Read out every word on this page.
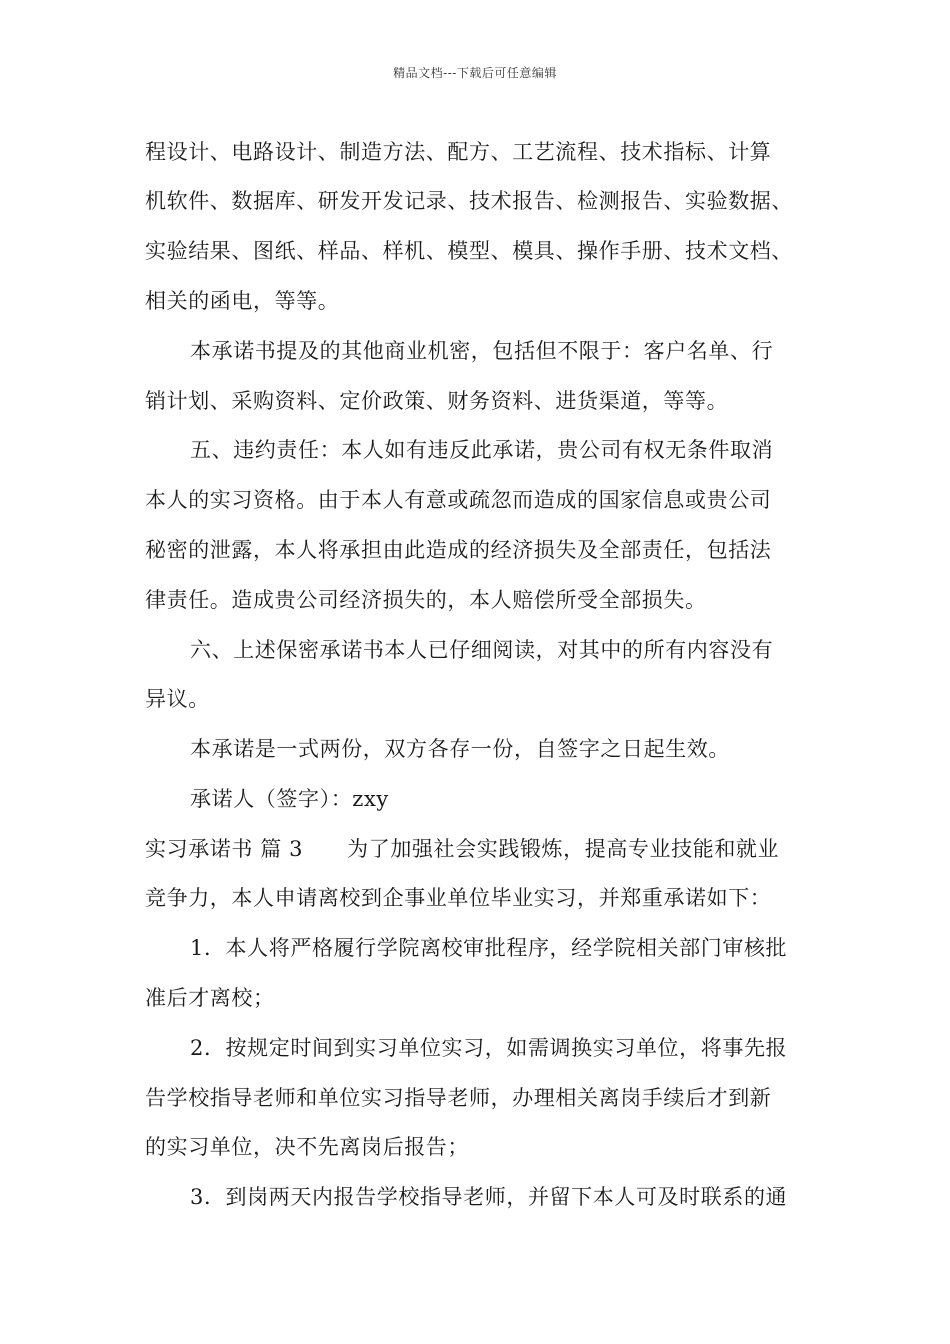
精品文档---下载后可任意编辑
程设计、电路设计、制造方法、配方、工艺流程、技术指标、计算
机软件、数据库、研发开发记录、技术报告、检测报告、实验数据、
实验结果、图纸、样品、样机、模型、模具、操作手册、技术文档、
相关的函电，等等。
本承诺书提及的其他商业机密，包括但不限于：客户名单、行
销计划、采购资料、定价政策、财务资料、进货渠道，等等。
五、违约责任：本人如有违反此承诺，贵公司有权无条件取消
本人的实习资格。由于本人有意或疏忽而造成的国家信息或贵公司
秘密的泄露，本人将承担由此造成的经济损失及全部责任，包括法
律责任。造成贵公司经济损失的，本人赔偿所受全部损失。
六、上述保密承诺书本人已仔细阅读，对其中的所有内容没有
异议。
本承诺是一式两份，双方各存一份，自签字之日起生效。
承诺人（签字）：zxy
实习承诺书 篇 3 为了加强社会实践锻炼，提高专业技能和就业
竞争力，本人申请离校到企事业单位毕业实习，并郑重承诺如下：
1．本人将严格履行学院离校审批程序，经学院相关部门审核批
准后才离校；
2．按规定时间到实习单位实习，如需调换实习单位，将事先报
告学校指导老师和单位实习指导老师，办理相关离岗手续后才到新
的实习单位，决不先离岗后报告；
3．到岗两天内报告学校指导老师，并留下本人可及时联系的通
